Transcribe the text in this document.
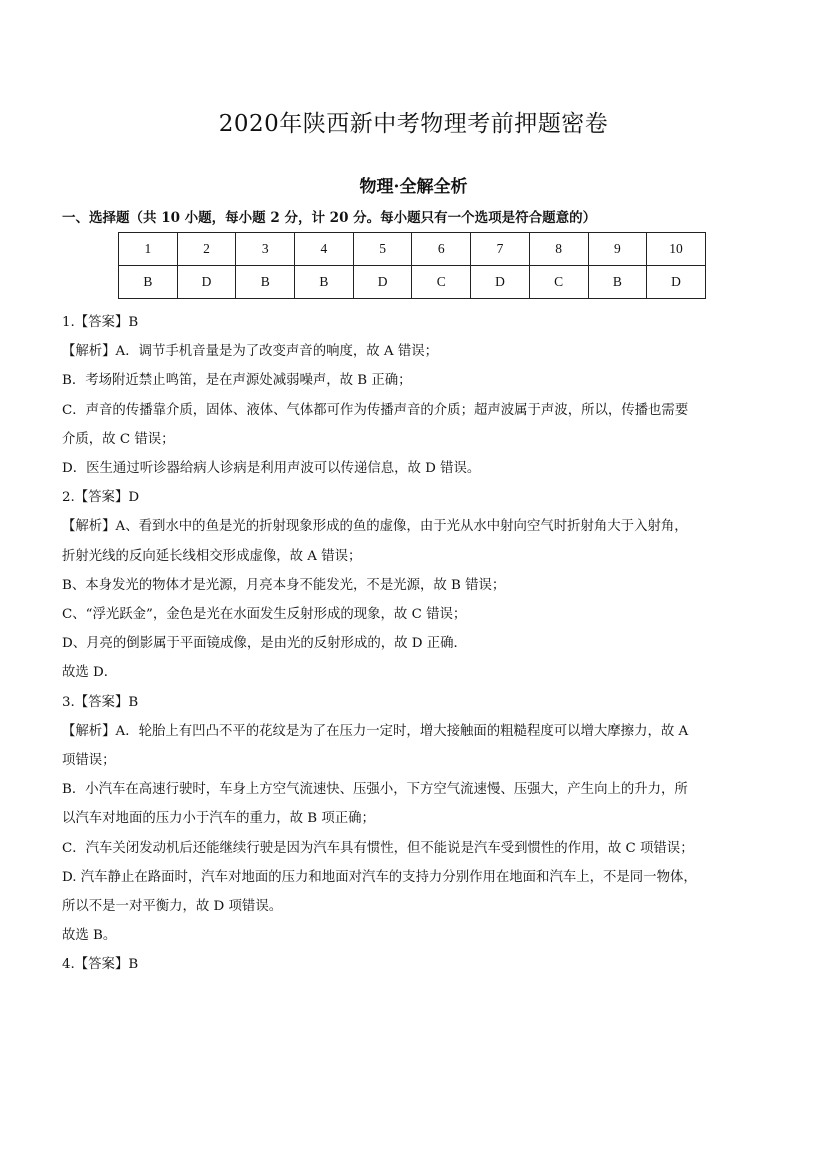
2020年陕西新中考物理考前押题密卷
物理·全解全析
一、选择题（共 10 小题，每小题 2 分，计 20 分。每小题只有一个选项是符合题意的）
1	2	3	4	5	6	7	8	9	10
B	D	B	B	D	C	D	C	B	D

1.【答案】B

【解析】A．调节手机音量是为了改变声音的响度，故 A 错误；

B．考场附近禁止鸣笛，是在声源处减弱噪声，故 B 正确；

C．声音的传播靠介质，固体、液体、气体都可作为传播声音的介质；超声波属于声波，所以，传播也需要

介质，故 C 错误；

D．医生通过听诊器给病人诊病是利用声波可以传递信息，故 D 错误。

2.【答案】D

【解析】A、看到水中的鱼是光的折射现象形成的鱼的虚像，由于光从水中射向空气时折射角大于入射角，

折射光线的反向延长线相交形成虚像，故 A 错误；

B、本身发光的物体才是光源，月亮本身不能发光，不是光源，故 B 错误；

C、“浮光跃金”，金色是光在水面发生反射形成的现象，故 C 错误；

D、月亮的倒影属于平面镜成像，是由光的反射形成的，故 D 正确．

故选 D．

3.【答案】B

【解析】A．轮胎上有凹凸不平的花纹是为了在压力一定时，增大接触面的粗糙程度可以增大摩擦力，故 A

项错误；

B．小汽车在高速行驶时，车身上方空气流速快、压强小，下方空气流速慢、压强大，产生向上的升力，所

以汽车对地面的压力小于汽车的重力，故 B 项正确；

C．汽车关闭发动机后还能继续行驶是因为汽车具有惯性，但不能说是汽车受到惯性的作用，故 C 项错误；

D. 汽车静止在路面时，汽车对地面的压力和地面对汽车的支持力分别作用在地面和汽车上，不是同一物体，

所以不是一对平衡力，故 D 项错误。

故选 B。

4.【答案】B
